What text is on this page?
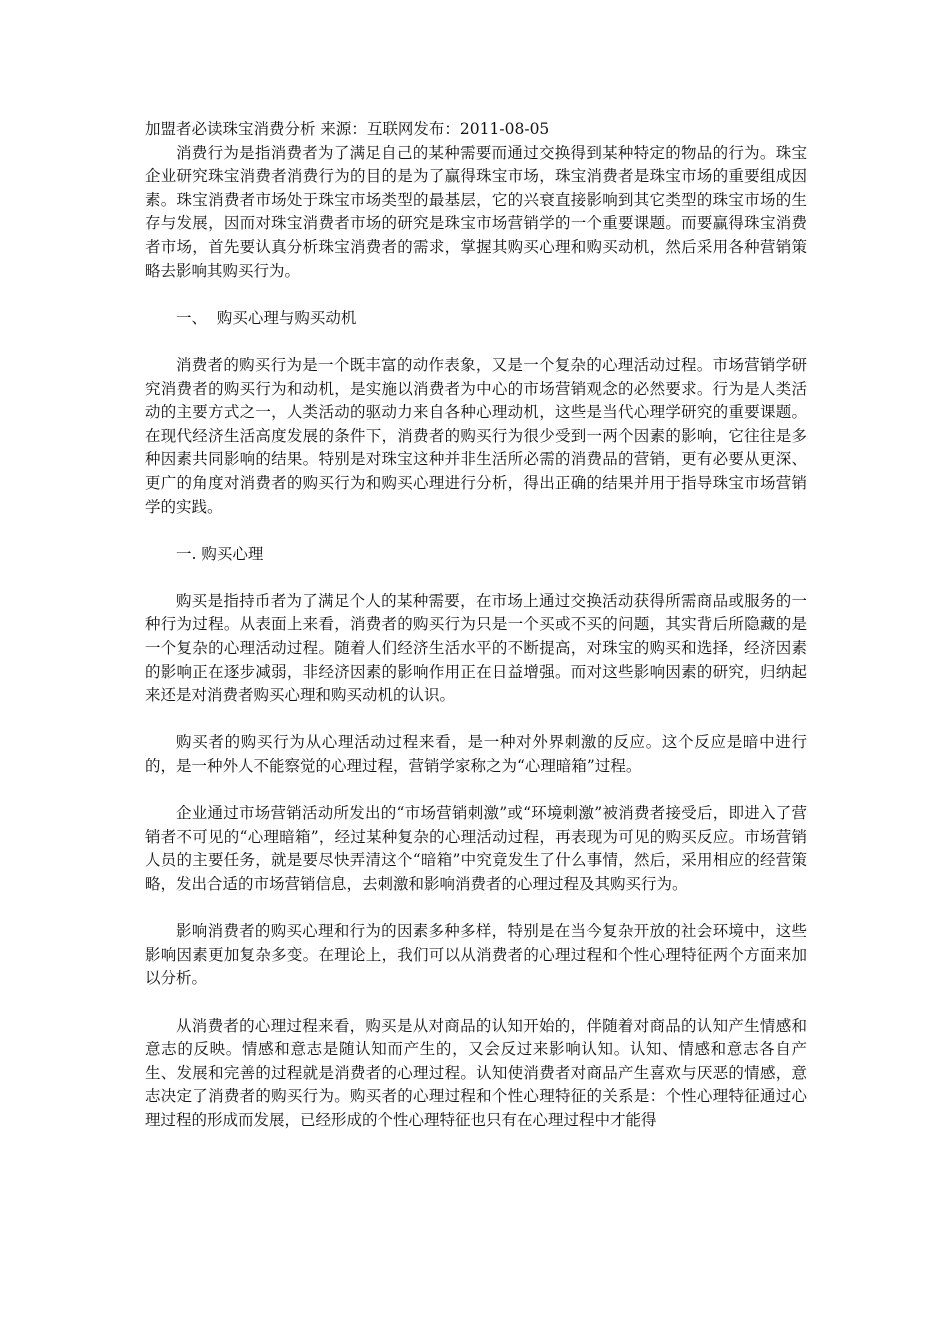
加盟者必读珠宝消费分析 来源：互联网发布：2011-08-05

消费行为是指消费者为了满足自己的某种需要而通过交换得到某种特定的物品的行为。珠宝企业研究珠宝消费者消费行为的目的是为了赢得珠宝市场，珠宝消费者是珠宝市场的重要组成因素。珠宝消费者市场处于珠宝市场类型的最基层，它的兴衰直接影响到其它类型的珠宝市场的生存与发展，因而对珠宝消费者市场的研究是珠宝市场营销学的一个重要课题。而要赢得珠宝消费者市场，首先要认真分析珠宝消费者的需求，掌握其购买心理和购买动机，然后采用各种营销策略去影响其购买行为。

一、  购买心理与购买动机

消费者的购买行为是一个既丰富的动作表象，又是一个复杂的心理活动过程。市场营销学研究消费者的购买行为和动机，是实施以消费者为中心的市场营销观念的必然要求。行为是人类活动的主要方式之一，人类活动的驱动力来自各种心理动机，这些是当代心理学研究的重要课题。在现代经济生活高度发展的条件下，消费者的购买行为很少受到一两个因素的影响，它往往是多种因素共同影响的结果。特别是对珠宝这种并非生活所必需的消费品的营销，更有必要从更深、更广的角度对消费者的购买行为和购买心理进行分析，得出正确的结果并用于指导珠宝市场营销学的实践。

一. 购买心理

购买是指持币者为了满足个人的某种需要，在市场上通过交换活动获得所需商品或服务的一种行为过程。从表面上来看，消费者的购买行为只是一个买或不买的问题，其实背后所隐藏的是一个复杂的心理活动过程。随着人们经济生活水平的不断提高，对珠宝的购买和选择，经济因素的影响正在逐步减弱，非经济因素的影响作用正在日益增强。而对这些影响因素的研究，归纳起来还是对消费者购买心理和购买动机的认识。

购买者的购买行为从心理活动过程来看，是一种对外界刺激的反应。这个反应是暗中进行的，是一种外人不能察觉的心理过程，营销学家称之为“心理暗箱”过程。

企业通过市场营销活动所发出的“市场营销刺激”或“环境刺激”被消费者接受后，即进入了营销者不可见的“心理暗箱”，经过某种复杂的心理活动过程，再表现为可见的购买反应。市场营销人员的主要任务，就是要尽快弄清这个“暗箱”中究竟发生了什么事情，然后，采用相应的经营策略，发出合适的市场营销信息，去刺激和影响消费者的心理过程及其购买行为。

影响消费者的购买心理和行为的因素多种多样，特别是在当今复杂开放的社会环境中，这些影响因素更加复杂多变。在理论上，我们可以从消费者的心理过程和个性心理特征两个方面来加以分析。

从消费者的心理过程来看，购买是从对商品的认知开始的，伴随着对商品的认知产生情感和意志的反映。情感和意志是随认知而产生的，又会反过来影响认知。认知、情感和意志各自产生、发展和完善的过程就是消费者的心理过程。认知使消费者对商品产生喜欢与厌恶的情感，意志决定了消费者的购买行为。购买者的心理过程和个性心理特征的关系是：个性心理特征通过心理过程的形成而发展，已经形成的个性心理特征也只有在心理过程中才能得
